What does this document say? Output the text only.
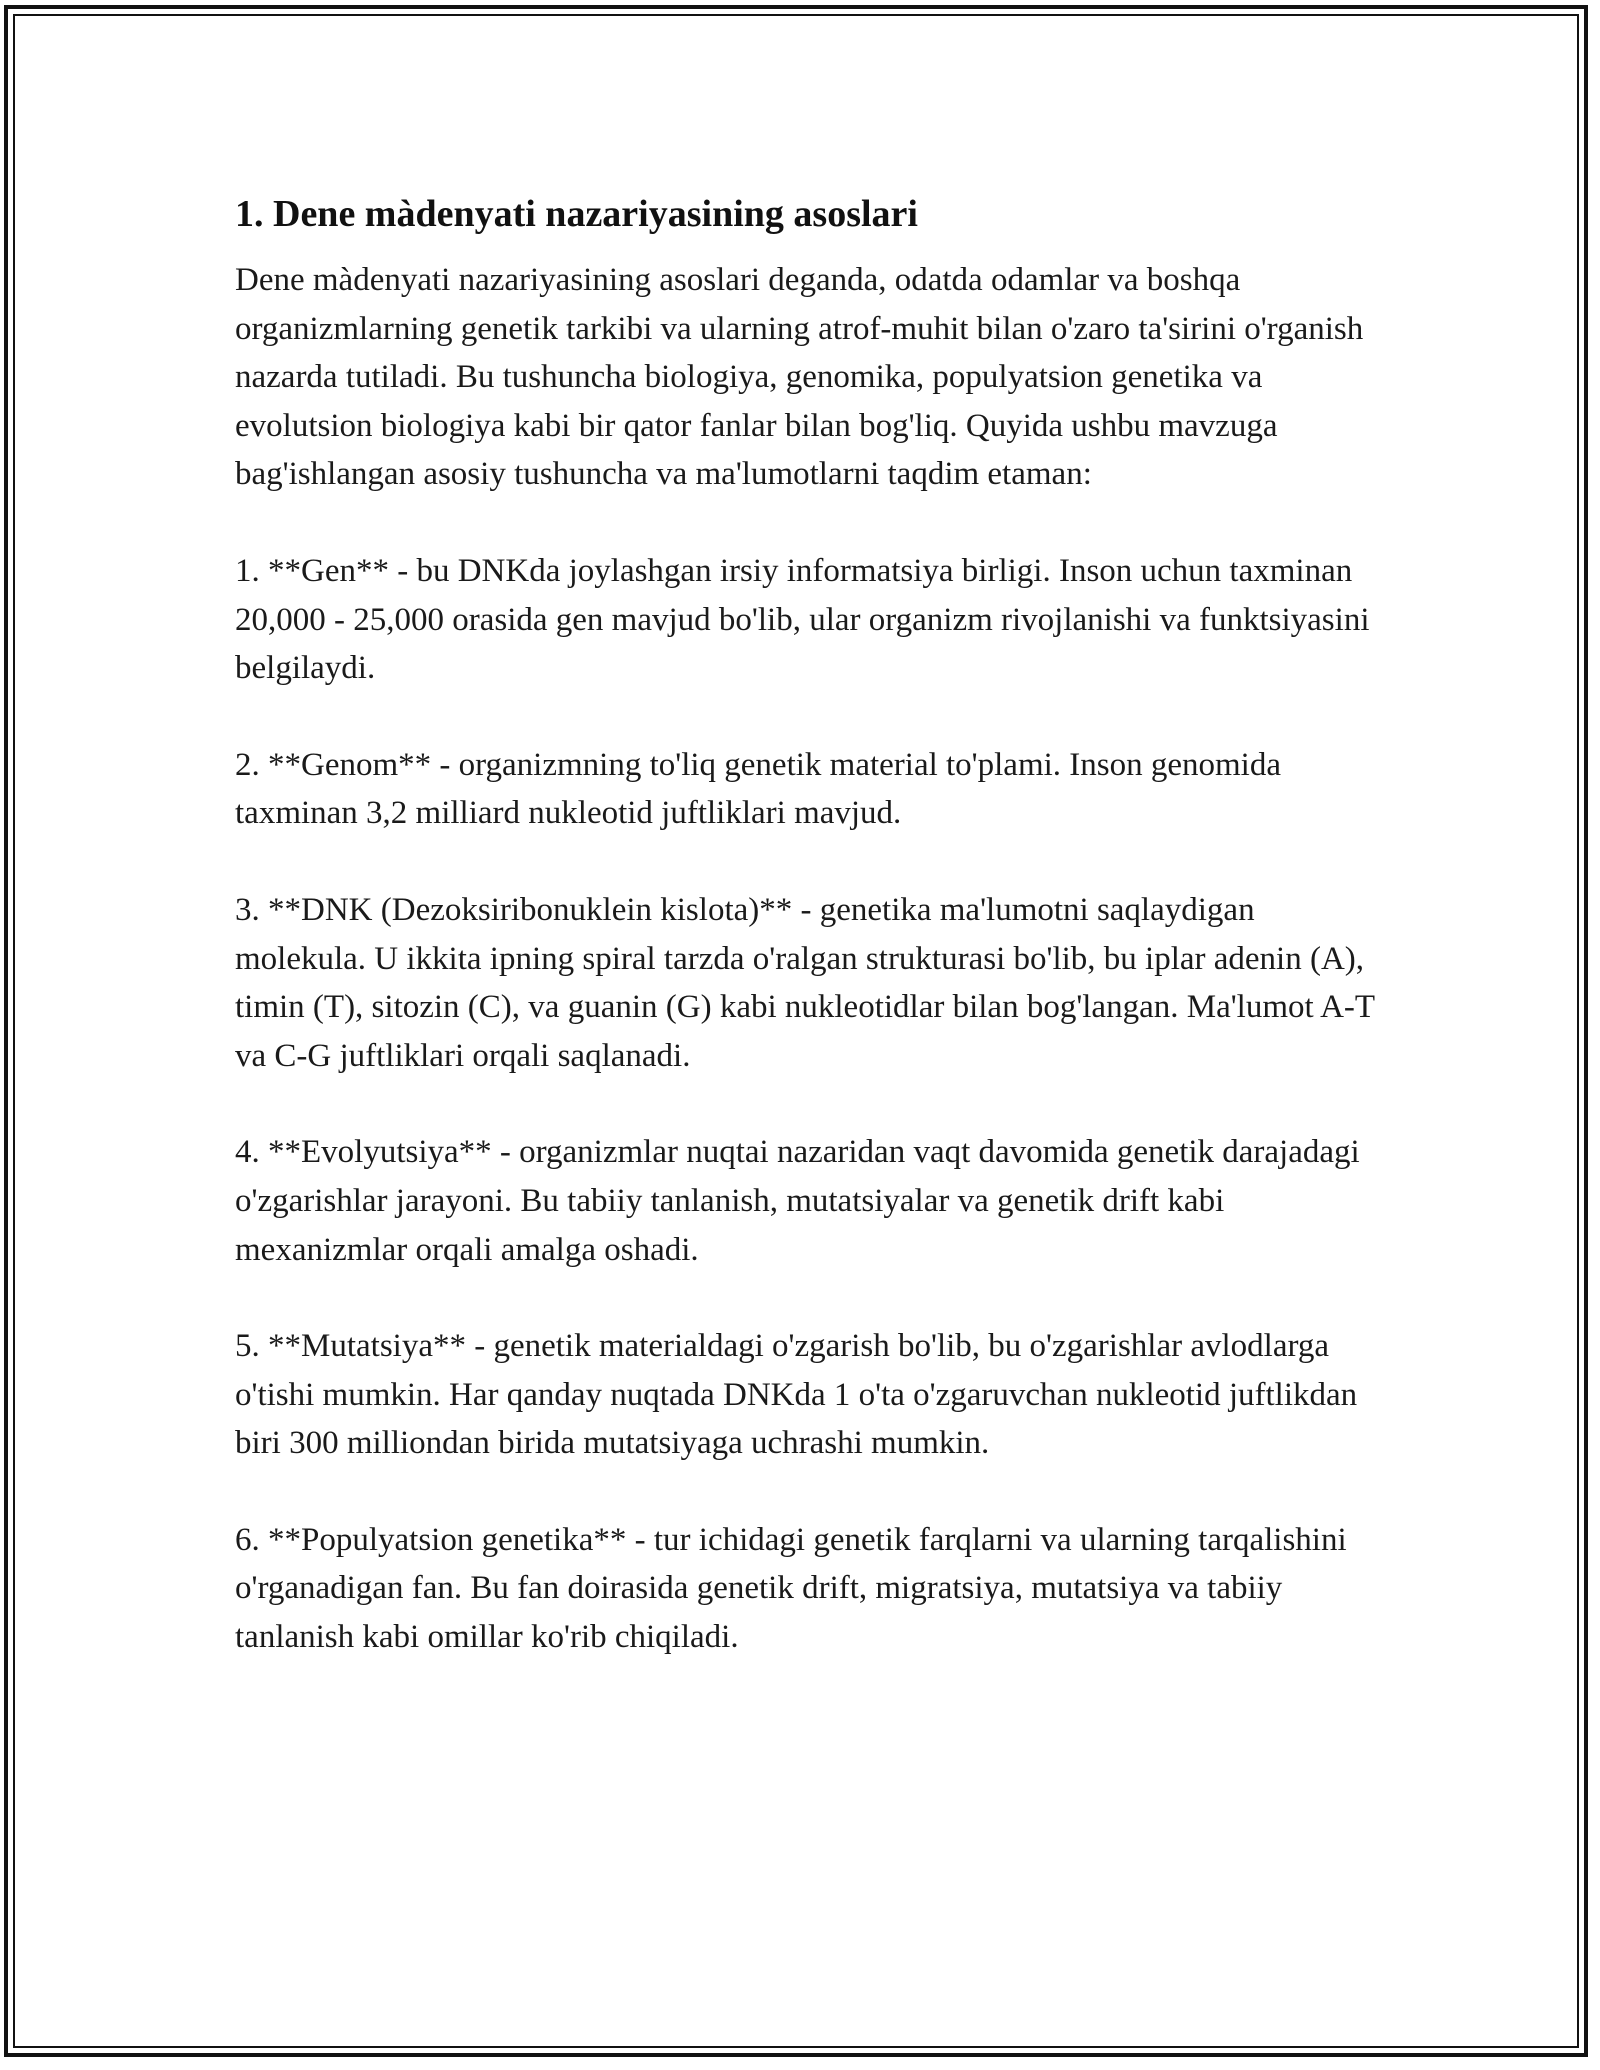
1. Dene màdenyati nazariyasining asoslari

Dene màdenyati nazariyasining asoslari deganda, odatda odamlar va boshqa organizmlarning genetik tarkibi va ularning atrof-muhit bilan o'zaro ta'sirini o'rganish nazarda tutiladi. Bu tushuncha biologiya, genomika, populyatsion genetika va evolutsion biologiya kabi bir qator fanlar bilan bog'liq. Quyida ushbu mavzuga bag'ishlangan asosiy tushuncha va ma'lumotlarni taqdim etaman:

1. **Gen** - bu DNKda joylashgan irsiy informatsiya birligi. Inson uchun taxminan 20,000 - 25,000 orasida gen mavjud bo'lib, ular organizm rivojlanishi va funktsiyasini belgilaydi.

2. **Genom** - organizmning to'liq genetik material to'plami. Inson genomida taxminan 3,2 milliard nukleotid juftliklari mavjud.

3. **DNK (Dezoksiribonuklein kislota)** - genetika ma'lumotni saqlaydigan molekula. U ikkita ipning spiral tarzda o'ralgan strukturasi bo'lib, bu iplar adenin (A), timin (T), sitozin (C), va guanin (G) kabi nukleotidlar bilan bog'langan. Ma'lumot A-T va C-G juftliklari orqali saqlanadi.

4. **Evolyutsiya** - organizmlar nuqtai nazaridan vaqt davomida genetik darajadagi o'zgarishlar jarayoni. Bu tabiiy tanlanish, mutatsiyalar va genetik drift kabi mexanizmlar orqali amalga oshadi.

5. **Mutatsiya** - genetik materialdagi o'zgarish bo'lib, bu o'zgarishlar avlodlarga o'tishi mumkin. Har qanday nuqtada DNKda 1 o'ta o'zgaruvchan nukleotid juftlikdan biri 300 milliondan birida mutatsiyaga uchrashi mumkin.

6. **Populyatsion genetika** - tur ichidagi genetik farqlarni va ularning tarqalishini o'rganadigan fan. Bu fan doirasida genetik drift, migratsiya, mutatsiya va tabiiy tanlanish kabi omillar ko'rib chiqiladi.
